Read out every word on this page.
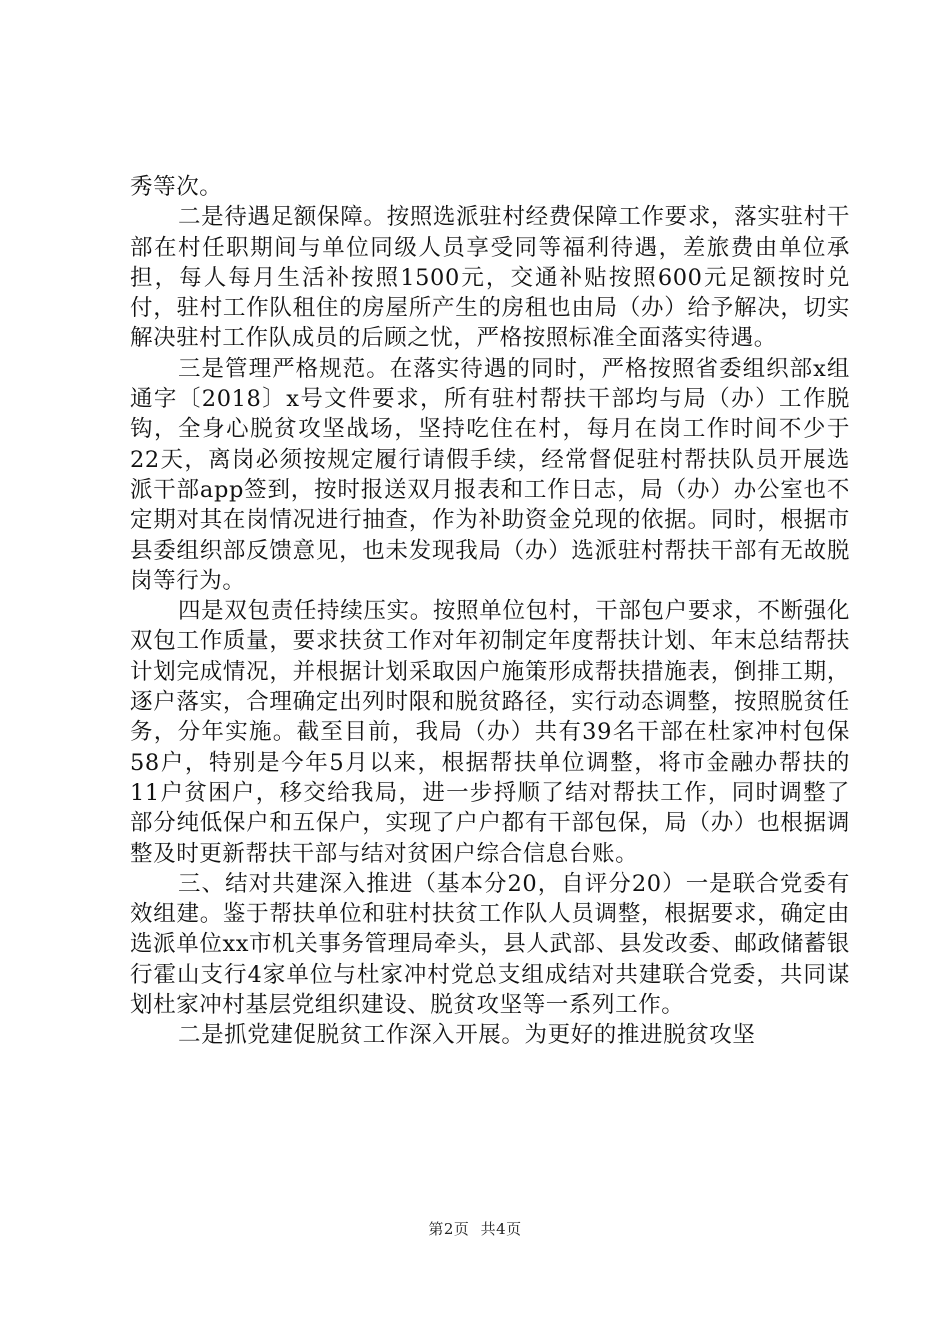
秀等次。

二是待遇足额保障。按照选派驻村经费保障工作要求，落实驻村干部在村任职期间与单位同级人员享受同等福利待遇，差旅费由单位承担，每人每月生活补按照1500元，交通补贴按照600元足额按时兑付，驻村工作队租住的房屋所产生的房租也由局（办）给予解决，切实解决驻村工作队成员的后顾之忧，严格按照标准全面落实待遇。

三是管理严格规范。在落实待遇的同时，严格按照省委组织部x组通字〔2018〕x号文件要求，所有驻村帮扶干部均与局（办）工作脱钩，全身心脱贫攻坚战场，坚持吃住在村，每月在岗工作时间不少于22天，离岗必须按规定履行请假手续，经常督促驻村帮扶队员开展选派干部app签到，按时报送双月报表和工作日志，局（办）办公室也不定期对其在岗情况进行抽查，作为补助资金兑现的依据。同时，根据市县委组织部反馈意见，也未发现我局（办）选派驻村帮扶干部有无故脱岗等行为。

四是双包责任持续压实。按照单位包村，干部包户要求，不断强化双包工作质量，要求扶贫工作对年初制定年度帮扶计划、年末总结帮扶计划完成情况，并根据计划采取因户施策形成帮扶措施表，倒排工期，逐户落实，合理确定出列时限和脱贫路径，实行动态调整，按照脱贫任务，分年实施。截至目前，我局（办）共有39名干部在杜家冲村包保58户，特别是今年5月以来，根据帮扶单位调整，将市金融办帮扶的11户贫困户，移交给我局，进一步捋顺了结对帮扶工作，同时调整了部分纯低保户和五保户，实现了户户都有干部包保，局（办）也根据调整及时更新帮扶干部与结对贫困户综合信息台账。

三、结对共建深入推进（基本分20，自评分20）一是联合党委有效组建。鉴于帮扶单位和驻村扶贫工作队人员调整，根据要求，确定由选派单位xx市机关事务管理局牵头，县人武部、县发改委、邮政储蓄银行霍山支行4家单位与杜家冲村党总支组成结对共建联合党委，共同谋划杜家冲村基层党组织建设、脱贫攻坚等一系列工作。

二是抓党建促脱贫工作深入开展。为更好的推进脱贫攻坚

第2页 共4页
